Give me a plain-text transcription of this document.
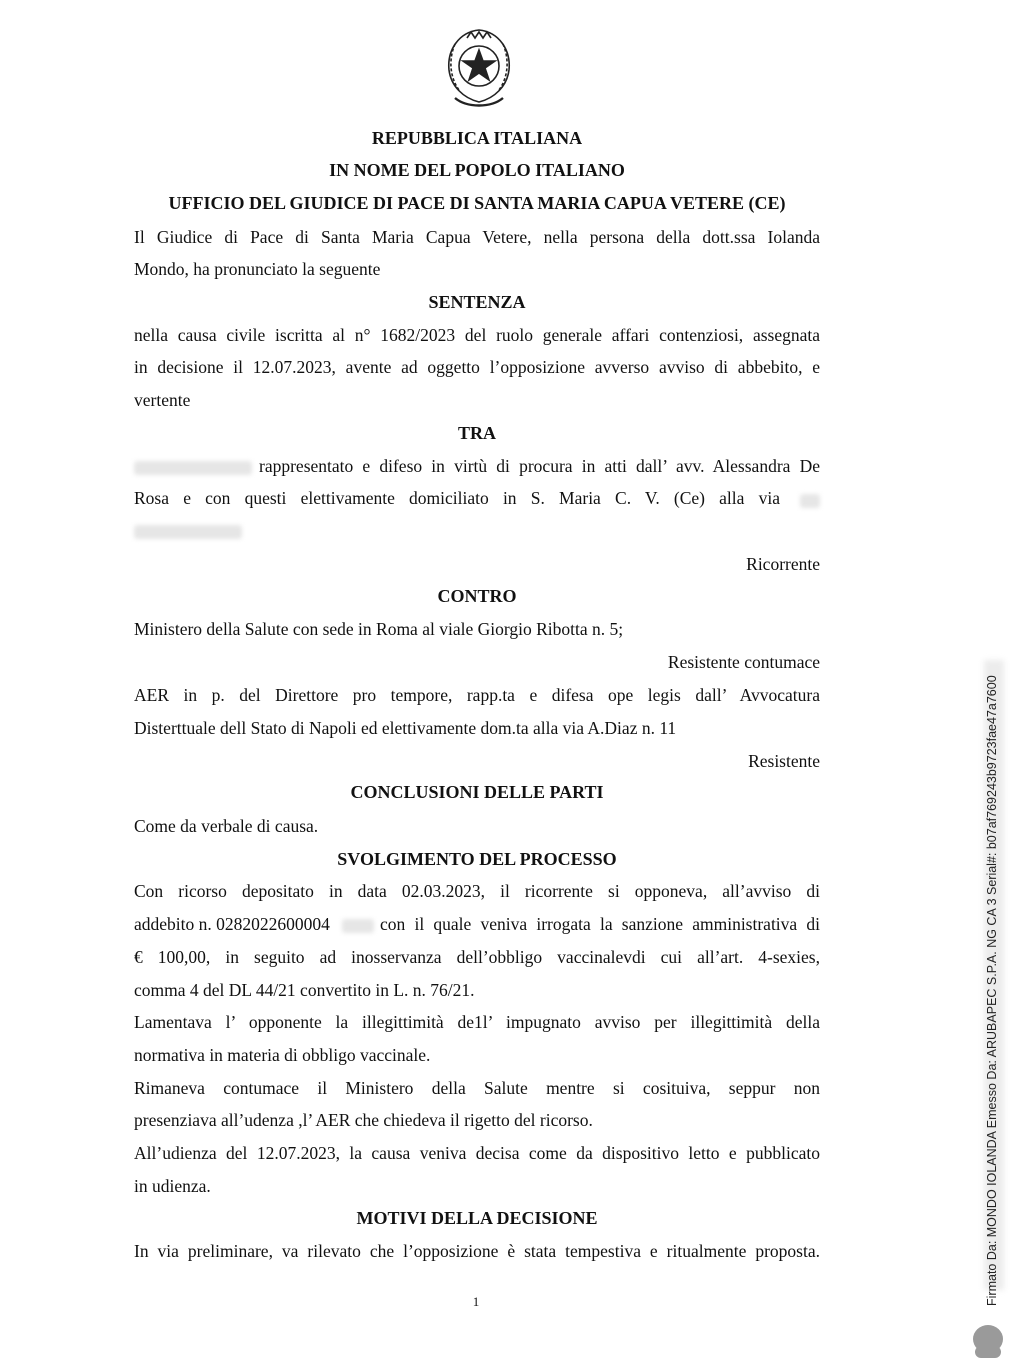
REPUBBLICA ITALIANA
IN NOME DEL POPOLO ITALIANO
UFFICIO DEL GIUDICE DI PACE DI SANTA MARIA CAPUA VETERE (CE)
Il Giudice di Pace di Santa Maria Capua Vetere, nella persona della dott.ssa Iolanda
Mondo, ha pronunciato la seguente
SENTENZA
nella causa civile iscritta al n° 1682/2023 del ruolo generale affari contenziosi, assegnata
in decisione il 12.07.2023, avente ad oggetto l’opposizione avverso avviso di abbebito, e
vertente
TRA
rappresentato e difeso in virtù di procura in atti dall’ avv. Alessandra De
Rosa e con questi elettivamente domiciliato in S. Maria C. V. (Ce) alla via
Ricorrente
CONTRO
Ministero della Salute con sede in Roma al viale Giorgio Ribotta n. 5;
Resistente contumace
AER in p. del Direttore pro tempore, rapp.ta e difesa ope legis dall’ Avvocatura
Disterttuale dell Stato di Napoli ed elettivamente dom.ta alla via A.Diaz n. 11
Resistente
CONCLUSIONI DELLE PARTI
Come da verbale di causa.
SVOLGIMENTO DEL PROCESSO
Con ricorso depositato in data 02.03.2023, il ricorrente si opponeva, all’avviso di
addebito n. 0282022600004	con il quale veniva irrogata la sanzione amministrativa di
€ 100,00, in seguito ad inosservanza dell’obbligo vaccinalevdi cui all’art. 4-sexies,
comma 4 del DL 44/21 convertito in L. n. 76/21.
Lamentava l’ opponente la illegittimità de1l’ impugnato avviso per illegittimità della
normativa in materia di obbligo vaccinale.
Rimaneva contumace il Ministero della Salute mentre si cosituiva, seppur non
presenziava all’udenza ,l’ AER che chiedeva il rigetto del ricorso.
All’udienza del 12.07.2023, la causa veniva decisa come da dispositivo letto e pubblicato
in udienza.
MOTIVI DELLA DECISIONE
In via preliminare, va rilevato che l’opposizione è stata tempestiva e ritualmente proposta.
1	Firmato Da: MONDO IOLANDA Emesso Da: ARUBAPEC S.P.A. NG CA 3 Serial#: b07af769243b9723fae47a7600
